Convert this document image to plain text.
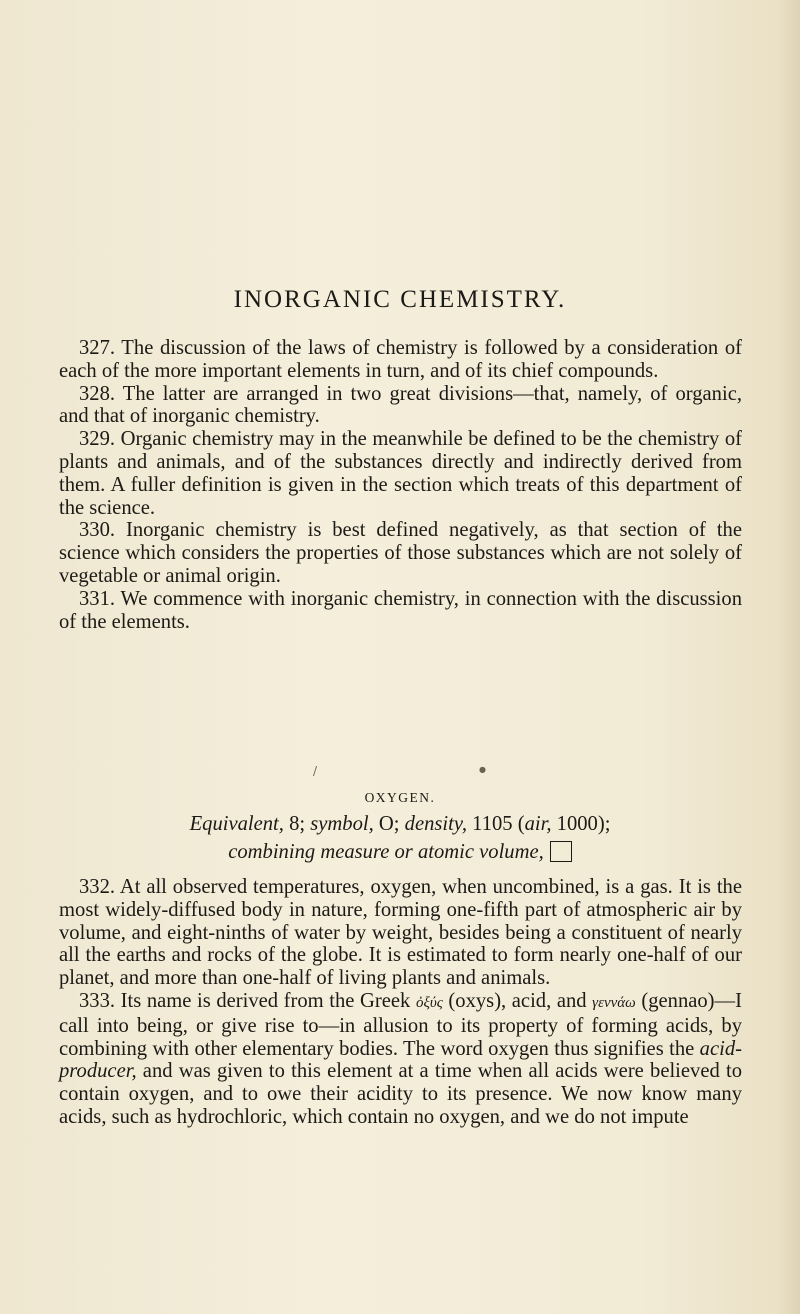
INORGANIC CHEMISTRY.

327. The discussion of the laws of chemistry is followed by a consideration of each of the more important elements in turn, and of its chief compounds.

328. The latter are arranged in two great divisions—that, namely, of organic, and that of inorganic chemistry.

329. Organic chemistry may in the meanwhile be defined to be the chemistry of plants and animals, and of the substances directly and indirectly derived from them. A fuller definition is given in the section which treats of this department of the science.

330. Inorganic chemistry is best defined negatively, as that section of the science which considers the properties of those substances which are not solely of vegetable or animal origin.

331. We commence with inorganic chemistry, in connection with the discussion of the elements.

/	●
OXYGEN.
Equivalent, 8; symbol, O; density, 1105 (air, 1000);
combining measure or atomic volume,

332. At all observed temperatures, oxygen, when uncombined, is a gas. It is the most widely-diffused body in nature, forming one-fifth part of atmospheric air by volume, and eight-ninths of water by weight, besides being a constituent of nearly all the earths and rocks of the globe. It is estimated to form nearly one-half of our planet, and more than one-half of living plants and animals.

333. Its name is derived from the Greek ὀξύς (oxys), acid, and γεννάω (gennao)—I call into being, or give rise to—in allusion to its property of forming acids, by combining with other elementary bodies. The word oxygen thus signifies the acid-producer, and was given to this element at a time when all acids were believed to contain oxygen, and to owe their acidity to its presence. We now know many acids, such as hydrochloric, which contain no oxygen, and we do not impute
